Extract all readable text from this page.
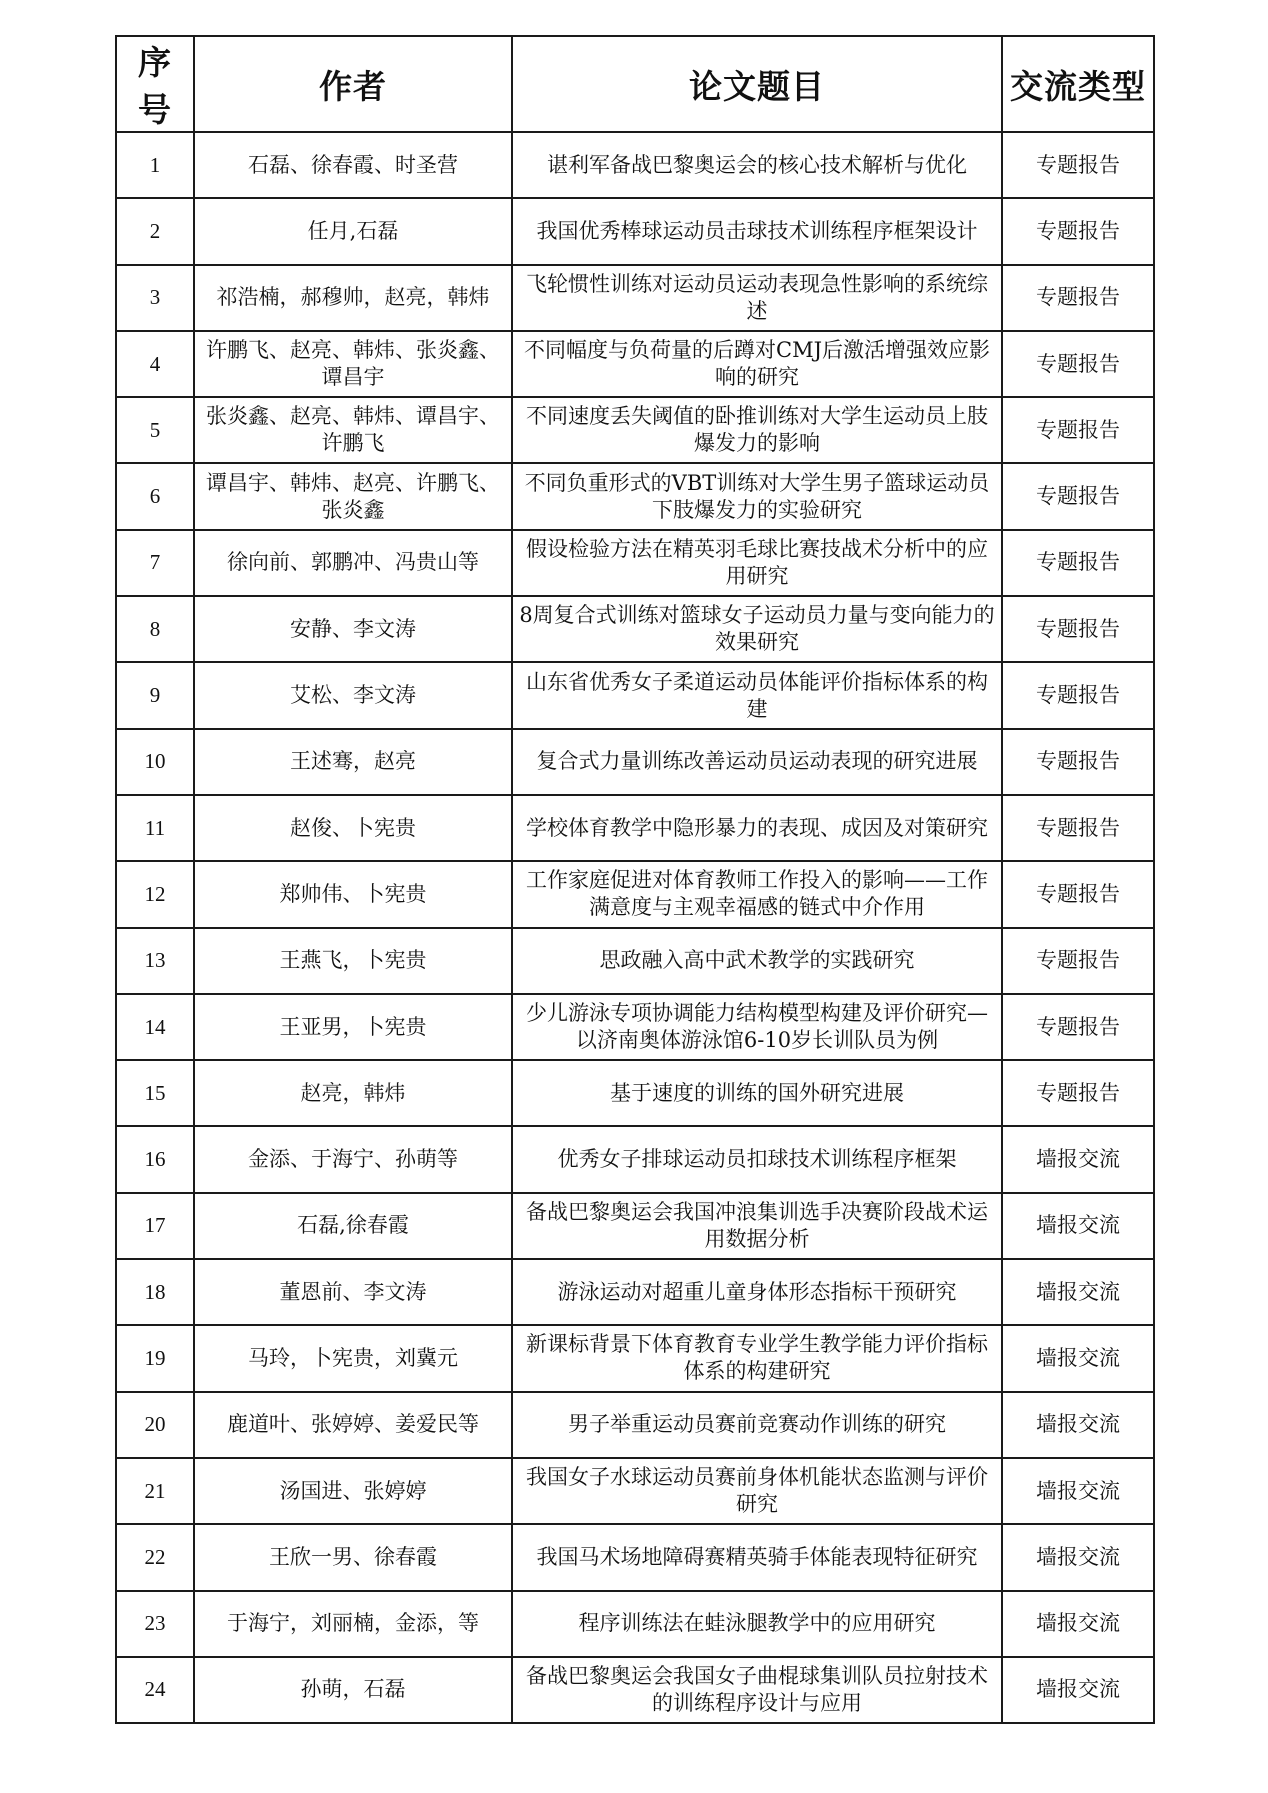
序号	作者	论文题目	交流类型
1	石磊、徐春霞、时圣营	谌利军备战巴黎奥运会的核心技术解析与优化	专题报告
2	任月,石磊	我国优秀棒球运动员击球技术训练程序框架设计	专题报告
3	祁浩楠，郝穆帅，赵亮，韩炜	飞轮惯性训练对运动员运动表现急性影响的系统综述	专题报告
4	许鹏飞、赵亮、韩炜、张炎鑫、谭昌宇	不同幅度与负荷量的后蹲对CMJ后激活增强效应影响的研究	专题报告
5	张炎鑫、赵亮、韩炜、谭昌宇、许鹏飞	不同速度丢失阈值的卧推训练对大学生运动员上肢爆发力的影响	专题报告
6	谭昌宇、韩炜、赵亮、许鹏飞、张炎鑫	不同负重形式的VBT训练对大学生男子篮球运动员下肢爆发力的实验研究	专题报告
7	徐向前、郭鹏冲、冯贵山等	假设检验方法在精英羽毛球比赛技战术分析中的应用研究	专题报告
8	安静、李文涛	8周复合式训练对篮球女子运动员力量与变向能力的效果研究	专题报告
9	艾松、李文涛	山东省优秀女子柔道运动员体能评价指标体系的构建	专题报告
10	王述骞，赵亮	复合式力量训练改善运动员运动表现的研究进展	专题报告
11	赵俊、卜宪贵	学校体育教学中隐形暴力的表现、成因及对策研究	专题报告
12	郑帅伟、卜宪贵	工作家庭促进对体育教师工作投入的影响——工作满意度与主观幸福感的链式中介作用	专题报告
13	王燕飞，卜宪贵	思政融入高中武术教学的实践研究	专题报告
14	王亚男，卜宪贵	少儿游泳专项协调能力结构模型构建及评价研究—以济南奥体游泳馆6-10岁长训队员为例	专题报告
15	赵亮，韩炜	基于速度的训练的国外研究进展	专题报告
16	金添、于海宁、孙萌等	优秀女子排球运动员扣球技术训练程序框架	墙报交流
17	石磊,徐春霞	备战巴黎奥运会我国冲浪集训选手决赛阶段战术运用数据分析	墙报交流
18	董恩前、李文涛	游泳运动对超重儿童身体形态指标干预研究	墙报交流
19	马玲，卜宪贵，刘冀元	新课标背景下体育教育专业学生教学能力评价指标体系的构建研究	墙报交流
20	鹿道叶、张婷婷、姜爱民等	男子举重运动员赛前竞赛动作训练的研究	墙报交流
21	汤国进、张婷婷	我国女子水球运动员赛前身体机能状态监测与评价研究	墙报交流
22	王欣一男、徐春霞	我国马术场地障碍赛精英骑手体能表现特征研究	墙报交流
23	于海宁，刘丽楠，金添，等	程序训练法在蛙泳腿教学中的应用研究	墙报交流
24	孙萌，石磊	备战巴黎奥运会我国女子曲棍球集训队员拉射技术的训练程序设计与应用	墙报交流
